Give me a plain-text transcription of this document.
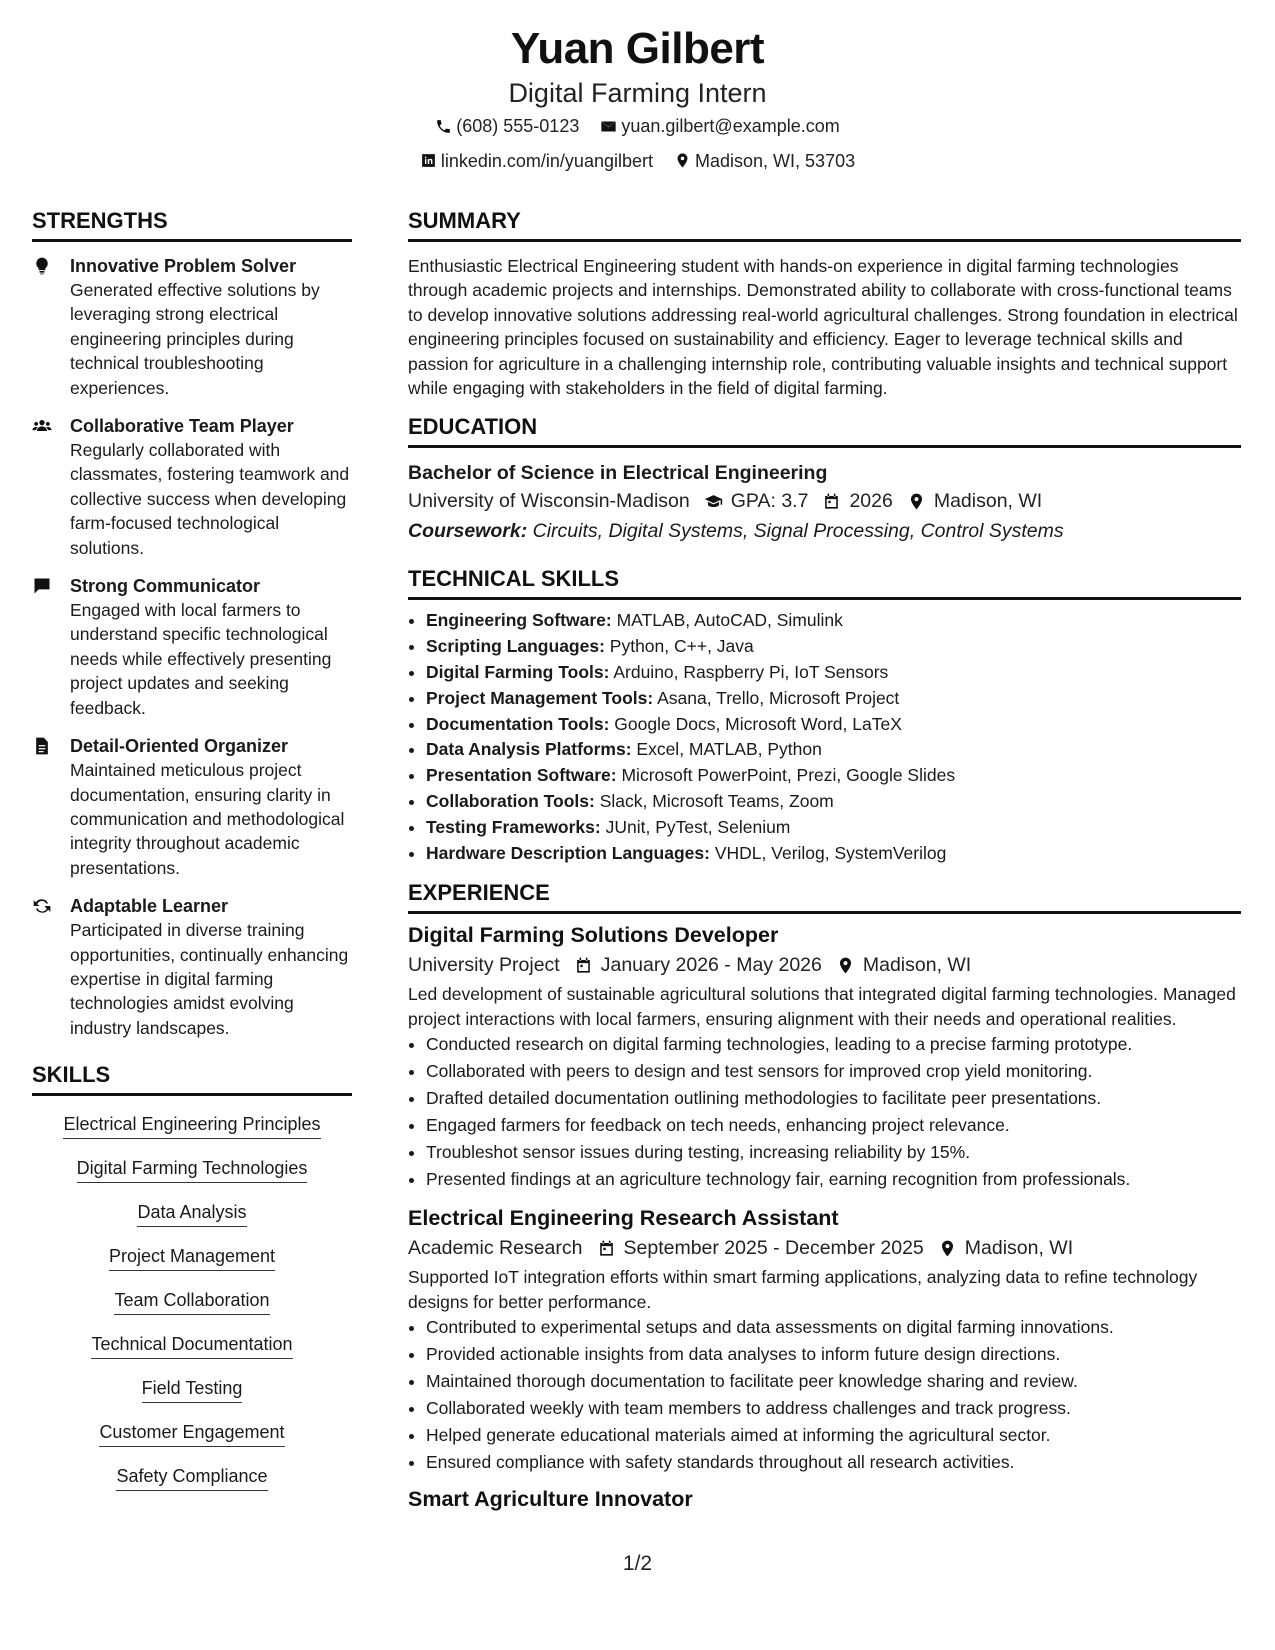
Yuan Gilbert
Digital Farming Intern
(608) 555-0123
yuan.gilbert@example.com
linkedin.com/in/yuangilbert
Madison, WI, 53703
STRENGTHS
Innovative Problem Solver
Generated effective solutions by leveraging strong electrical engineering principles during technical troubleshooting experiences.
Collaborative Team Player
Regularly collaborated with classmates, fostering teamwork and collective success when developing farm-focused technological solutions.
Strong Communicator
Engaged with local farmers to understand specific technological needs while effectively presenting project updates and seeking feedback.
Detail-Oriented Organizer
Maintained meticulous project documentation, ensuring clarity in communication and methodological integrity throughout academic presentations.
Adaptable Learner
Participated in diverse training opportunities, continually enhancing expertise in digital farming technologies amidst evolving industry landscapes.
SKILLS
Electrical Engineering Principles
Digital Farming Technologies
Data Analysis
Project Management
Team Collaboration
Technical Documentation
Field Testing
Customer Engagement
Safety Compliance
SUMMARY
Enthusiastic Electrical Engineering student with hands-on experience in digital farming technologies through academic projects and internships. Demonstrated ability to collaborate with cross-functional teams to develop innovative solutions addressing real-world agricultural challenges. Strong foundation in electrical engineering principles focused on sustainability and efficiency. Eager to leverage technical skills and passion for agriculture in a challenging internship role, contributing valuable insights and technical support while engaging with stakeholders in the field of digital farming.
EDUCATION
Bachelor of Science in Electrical Engineering
University of Wisconsin-Madison GPA: 3.7 2026 Madison, WI
Coursework: Circuits, Digital Systems, Signal Processing, Control Systems
TECHNICAL SKILLS
• Engineering Software: MATLAB, AutoCAD, Simulink
• Scripting Languages: Python, C++, Java
• Digital Farming Tools: Arduino, Raspberry Pi, IoT Sensors
• Project Management Tools: Asana, Trello, Microsoft Project
• Documentation Tools: Google Docs, Microsoft Word, LaTeX
• Data Analysis Platforms: Excel, MATLAB, Python
• Presentation Software: Microsoft PowerPoint, Prezi, Google Slides
• Collaboration Tools: Slack, Microsoft Teams, Zoom
• Testing Frameworks: JUnit, PyTest, Selenium
• Hardware Description Languages: VHDL, Verilog, SystemVerilog
EXPERIENCE
Digital Farming Solutions Developer
University Project January 2026 - May 2026 Madison, WI
Led development of sustainable agricultural solutions that integrated digital farming technologies. Managed project interactions with local farmers, ensuring alignment with their needs and operational realities.
• Conducted research on digital farming technologies, leading to a precise farming prototype.
• Collaborated with peers to design and test sensors for improved crop yield monitoring.
• Drafted detailed documentation outlining methodologies to facilitate peer presentations.
• Engaged farmers for feedback on tech needs, enhancing project relevance.
• Troubleshot sensor issues during testing, increasing reliability by 15%.
• Presented findings at an agriculture technology fair, earning recognition from professionals.
Electrical Engineering Research Assistant
Academic Research September 2025 - December 2025 Madison, WI
Supported IoT integration efforts within smart farming applications, analyzing data to refine technology designs for better performance.
• Contributed to experimental setups and data assessments on digital farming innovations.
• Provided actionable insights from data analyses to inform future design directions.
• Maintained thorough documentation to facilitate peer knowledge sharing and review.
• Collaborated weekly with team members to address challenges and track progress.
• Helped generate educational materials aimed at informing the agricultural sector.
• Ensured compliance with safety standards throughout all research activities.
Smart Agriculture Innovator
1/2
